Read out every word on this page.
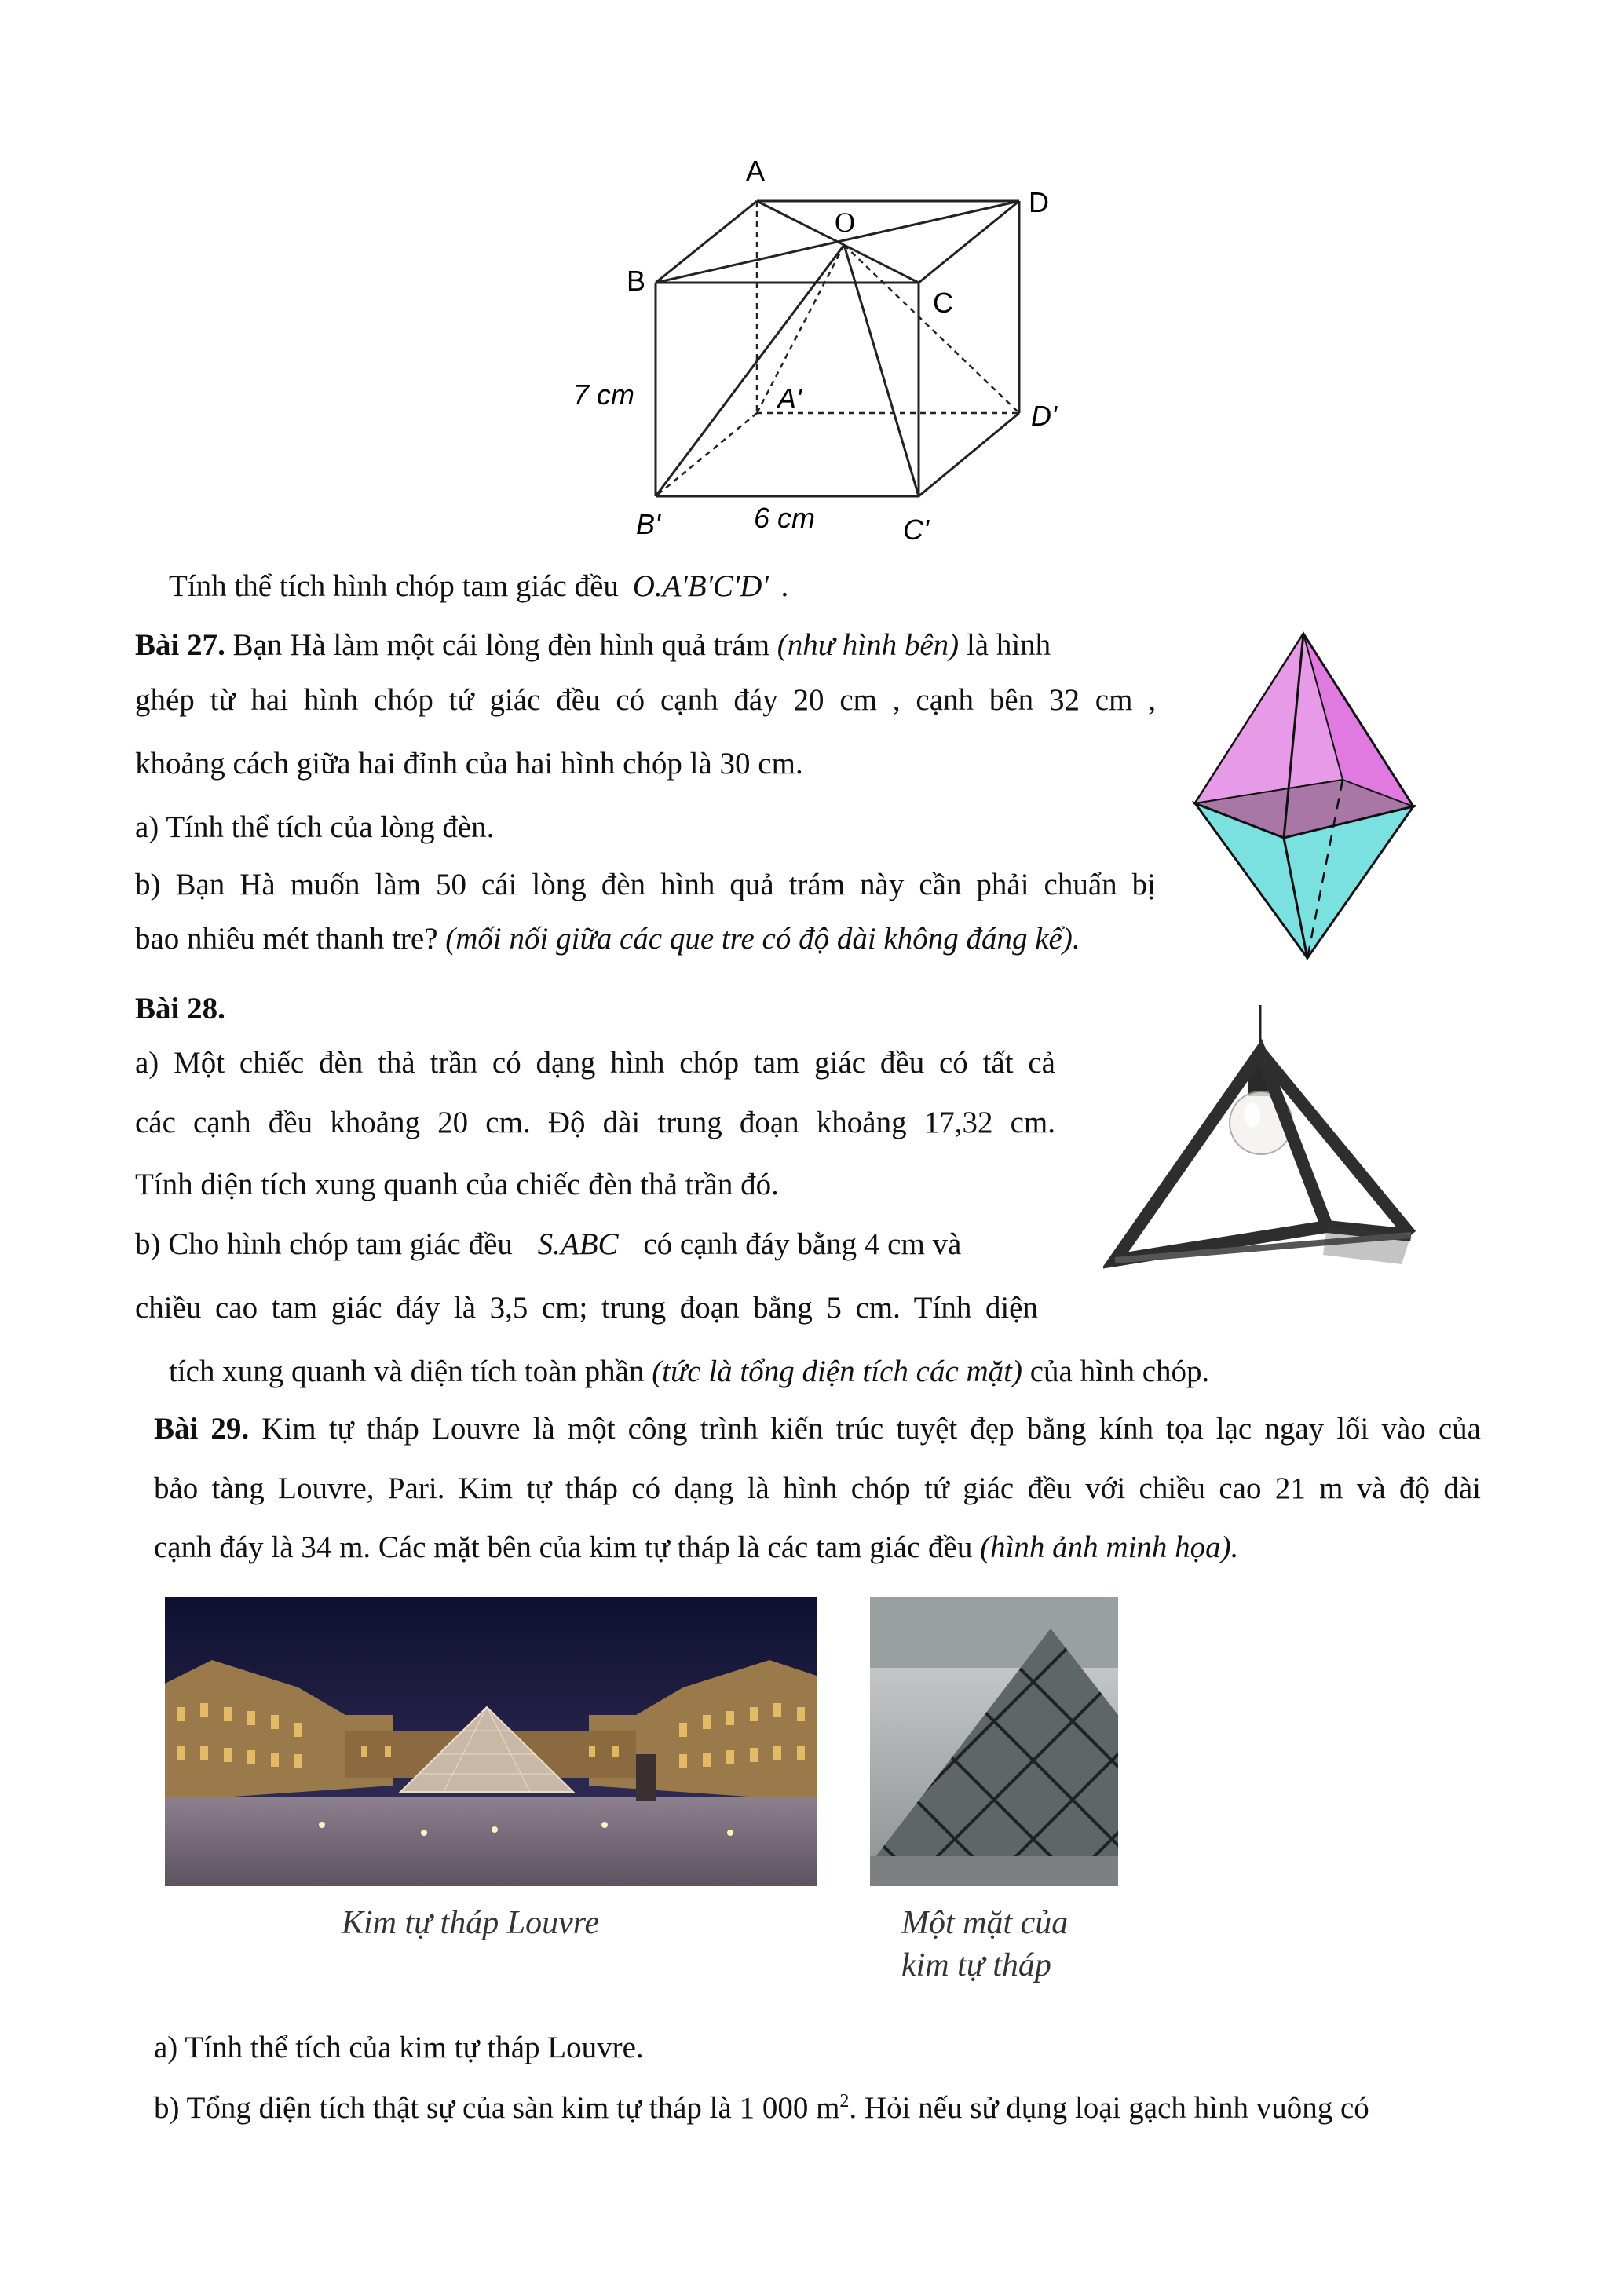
A
O
D
B
C
A'
D'
B'	C'
7 cm
6 cm
Tính thể tích hình chóp tam giác đều O.A'B'C'D' .
Bài 27. Bạn Hà làm một cái lòng đèn hình quả trám (như hình bên) là hình
ghép từ hai hình chóp tứ giác đều có cạnh đáy 20 cm , cạnh bên 32 cm ,
khoảng cách giữa hai đỉnh của hai hình chóp là 30 cm.
a) Tính thể tích của lòng đèn.
b) Bạn Hà muốn làm 50 cái lòng đèn hình quả trám này cần phải chuẩn bị
bao nhiêu mét thanh tre? (mối nối giữa các que tre có độ dài không đáng kể).
Bài 28.
a) Một chiếc đèn thả trần có dạng hình chóp tam giác đều có tất cả
các cạnh đều khoảng 20 cm. Độ dài trung đoạn khoảng 17,32 cm.
Tính diện tích xung quanh của chiếc đèn thả trần đó.
b) Cho hình chóp tam giác đều S.ABC có cạnh đáy bằng 4 cm và
chiều cao tam giác đáy là 3,5 cm; trung đoạn bằng 5 cm. Tính diện
tích xung quanh và diện tích toàn phần (tức là tổng diện tích các mặt) của hình chóp.
Bài 29. Kim tự tháp Louvre là một công trình kiến trúc tuyệt đẹp bằng kính tọa lạc ngay lối vào của
bảo tàng Louvre, Pari. Kim tự tháp có dạng là hình chóp tứ giác đều với chiều cao 21 m và độ dài
cạnh đáy là 34 m. Các mặt bên của kim tự tháp là các tam giác đều (hình ảnh minh họa).
Kim tự tháp Louvre	Một mặt của
kim tự tháp
a) Tính thể tích của kim tự tháp Louvre.
b) Tổng diện tích thật sự của sàn kim tự tháp là 1 000 $m^2$. Hỏi nếu sử dụng loại gạch hình vuông có
